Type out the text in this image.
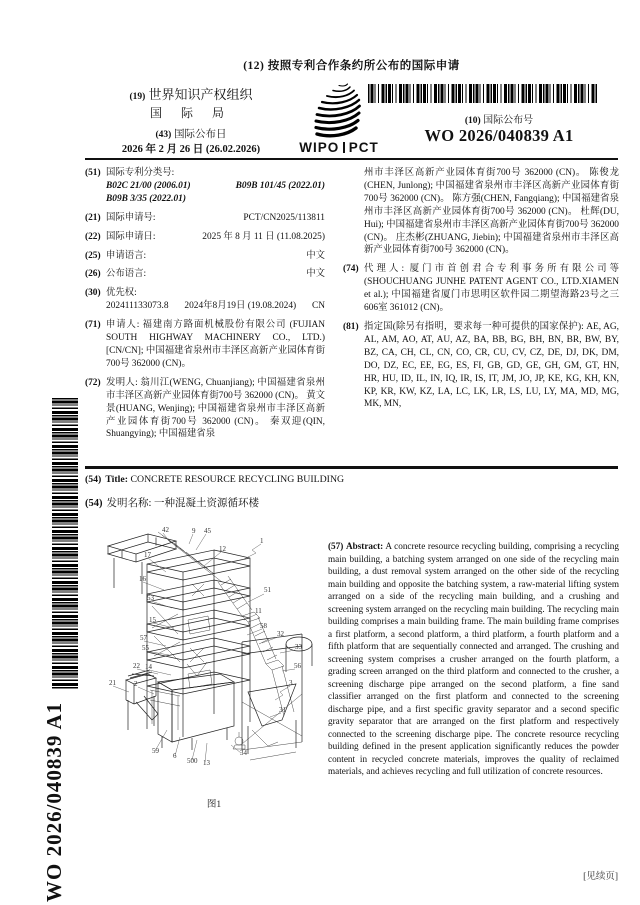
WO 2026/040839 A1
(12) 按照专利合作条约所公布的国际申请
(19) 世界知识产权组织
国 际 局
(43) 国际公布日
2026 年 2 月 26 日 (26.02.2026)	WIPO PCT
(10) 国际公布号
WO 2026/040839 A1
(51) 国际专利分类号:
B02C 21/00 (2006.01)	B09B 101/45 (2022.01)
B09B 3/35 (2022.01)
(21) 国际申请号:	PCT/CN2025/113811
(22) 国际申请日:	2025 年 8 月 11 日 (11.08.2025)
(25) 申请语言:	中文
(26) 公布语言:	中文
(30) 优先权:
202411133073.8 2024年8月19日 (19.08.2024) CN
(71) 申请人: 福建南方路面机械股份有限公司 (FUJIAN SOUTH HIGHWAY MACHINERY CO., LTD.) [CN/CN]; 中国福建省泉州市丰泽区高新产业园体育街700号 362000 (CN)。
(72) 发明人: 翁川江(WENG, Chuanjiang); 中国福建省泉州市丰泽区高新产业园体育街700号 362000 (CN)。 黄文景(HUANG, Wenjing); 中国福建省泉州市丰泽区高新产业园体育街700号 362000 (CN)。 秦双迎(QIN, Shuangying); 中国福建省泉
州市丰泽区高新产业园体育街700号 362000 (CN)。 陈俊龙(CHEN, Junlong); 中国福建省泉州市丰泽区高新产业园体育街700号 362000 (CN)。 陈方强(CHEN, Fangqiang); 中国福建省泉州市丰泽区高新产业园体育街700号 362000 (CN)。 杜辉(DU, Hui); 中国福建省泉州市丰泽区高新产业园体育街700号 362000 (CN)。 庄杰彬(ZHUANG, Jiebin); 中国福建省泉州市丰泽区高新产业园体育街700号 362000 (CN)。
(74) 代理人: 厦门市首创君合专利事务所有限公司等(SHOUCHUANG JUNHE PATENT AGENT CO., LTD.XIAMEN et al.); 中国福建省厦门市思明区软件园二期望海路23号之三606室 361012 (CN)。
(81) 指定国(除另有指明，要求每一种可提供的国家保护): AE, AG, AL, AM, AO, AT, AU, AZ, BA, BB, BG, BH, BN, BR, BW, BY, BZ, CA, CH, CL, CN, CO, CR, CU, CV, CZ, DE, DJ, DK, DM, DO, DZ, EC, EE, EG, ES, FI, GB, GD, GE, GH, GM, GT, HN, HR, HU, ID, IL, IN, IQ, IR, IS, IT, JM, JO, JP, KE, KG, KH, KN, KP, KR, KW, KZ, LA, LC, LK, LR, LS, LU, LY, MA, MD, MG, MK, MN,
(54) Title: CONCRETE RESOURCE RECYCLING BUILDING
(54) 发明名称: 一种混凝土资源循环楼
42	9 45
12
1
17
16
53
15
51
11
58
32
33
56
57
55
22 14
21	2	3
31
34
59
6
500 13
图1
(57) Abstract: A concrete resource recycling building, comprising a recycling main building, a batching system arranged on one side of the recycling main building, a dust removal system arranged on the other side of the recycling main building and opposite the batching system, a raw-material lifting system arranged on a side of the recycling main building, and a crushing and screening system arranged on the recycling main building. The recycling main building comprises a main building frame. The main building frame comprises a first platform, a second platform, a third platform, a fourth platform and a fifth platform that are sequentially connected and arranged. The crushing and screening system comprises a crusher arranged on the fourth platform, a grading screen arranged on the third platform and connected to the crusher, a screening discharge pipe arranged on the second platform, a fine sand classifier arranged on the first platform and connected to the screening discharge pipe, and a first specific gravity separator and a second specific gravity separator that are arranged on the first platform and respectively connected to the screening discharge pipe. The concrete resource recycling building defined in the present application significantly reduces the powder content in recycled concrete materials, improves the quality of reclaimed materials, and achieves recycling and full utilization of concrete resources.
[见续页]
